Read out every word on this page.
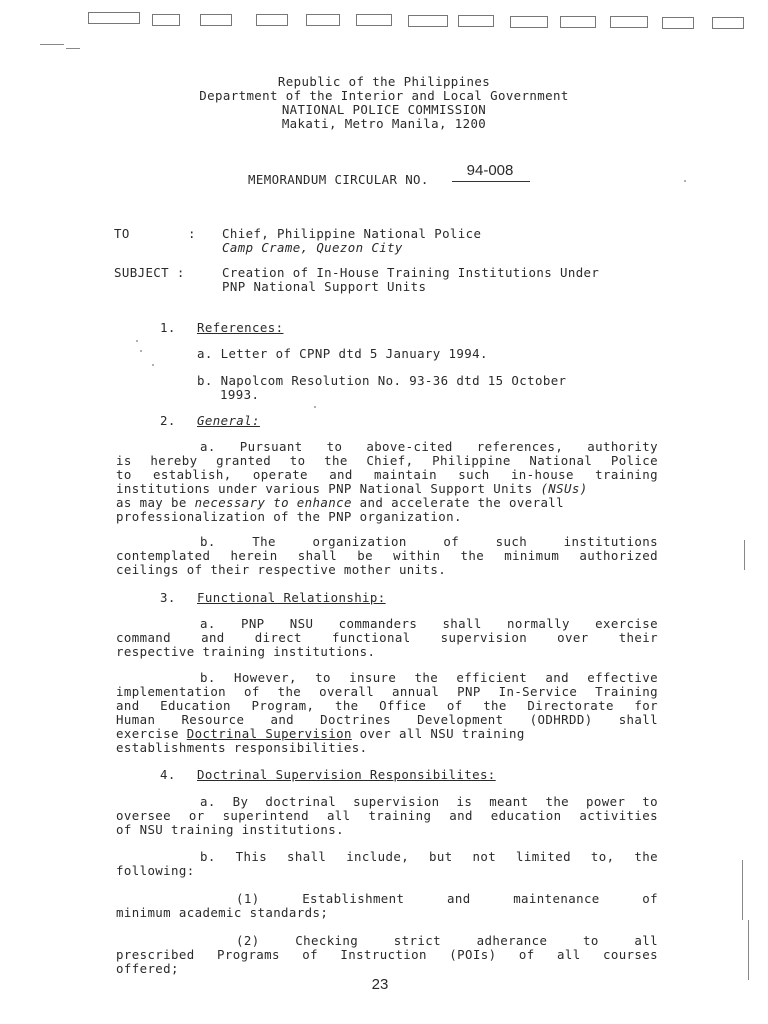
Republic of the Philippines
Department of the Interior and Local Government
NATIONAL POLICE COMMISSION
Makati, Metro Manila, 1200
MEMORANDUM CIRCULAR NO.
94-008
TO	: Chief, Philippine National Police
Camp Crame, Quezon City
SUBJECT :	Creation of In-House Training Institutions Under
PNP National Support Units
1. References:
a. Letter of CPNP dtd 5 January 1994.
b. Napolcom Resolution No. 93-36 dtd 15 October
1993.
2. General:
a. Pursuant to above-cited references, authority
is hereby granted to the Chief, Philippine National Police
to establish, operate and maintain such in-house training
institutions under various PNP National Support Units (NSUs)
as may be necessary to enhance and accelerate the overall
professionalization of the PNP organization.
b. The organization of such institutions
contemplated herein shall be within the minimum authorized
ceilings of their respective mother units.
3. Functional Relationship:
a. PNP NSU commanders shall normally exercise
command and direct functional supervision over their
respective training institutions.
b. However, to insure the efficient and effective
implementation of the overall annual PNP In-Service Training
and Education Program, the Office of the Directorate for
Human Resource and Doctrines Development (ODHRDD) shall
exercise Doctrinal Supervision over all NSU training
establishments responsibilities.
4. Doctrinal Supervision Responsibilites:
a. By doctrinal supervision is meant the power to
oversee or superintend all training and education activities
of NSU training institutions.
b. This shall include, but not limited to, the
following:
(1) Establishment and maintenance of
minimum academic standards;
(2) Checking strict adherance to all
prescribed Programs of Instruction (POIs) of all courses
offered;
23
